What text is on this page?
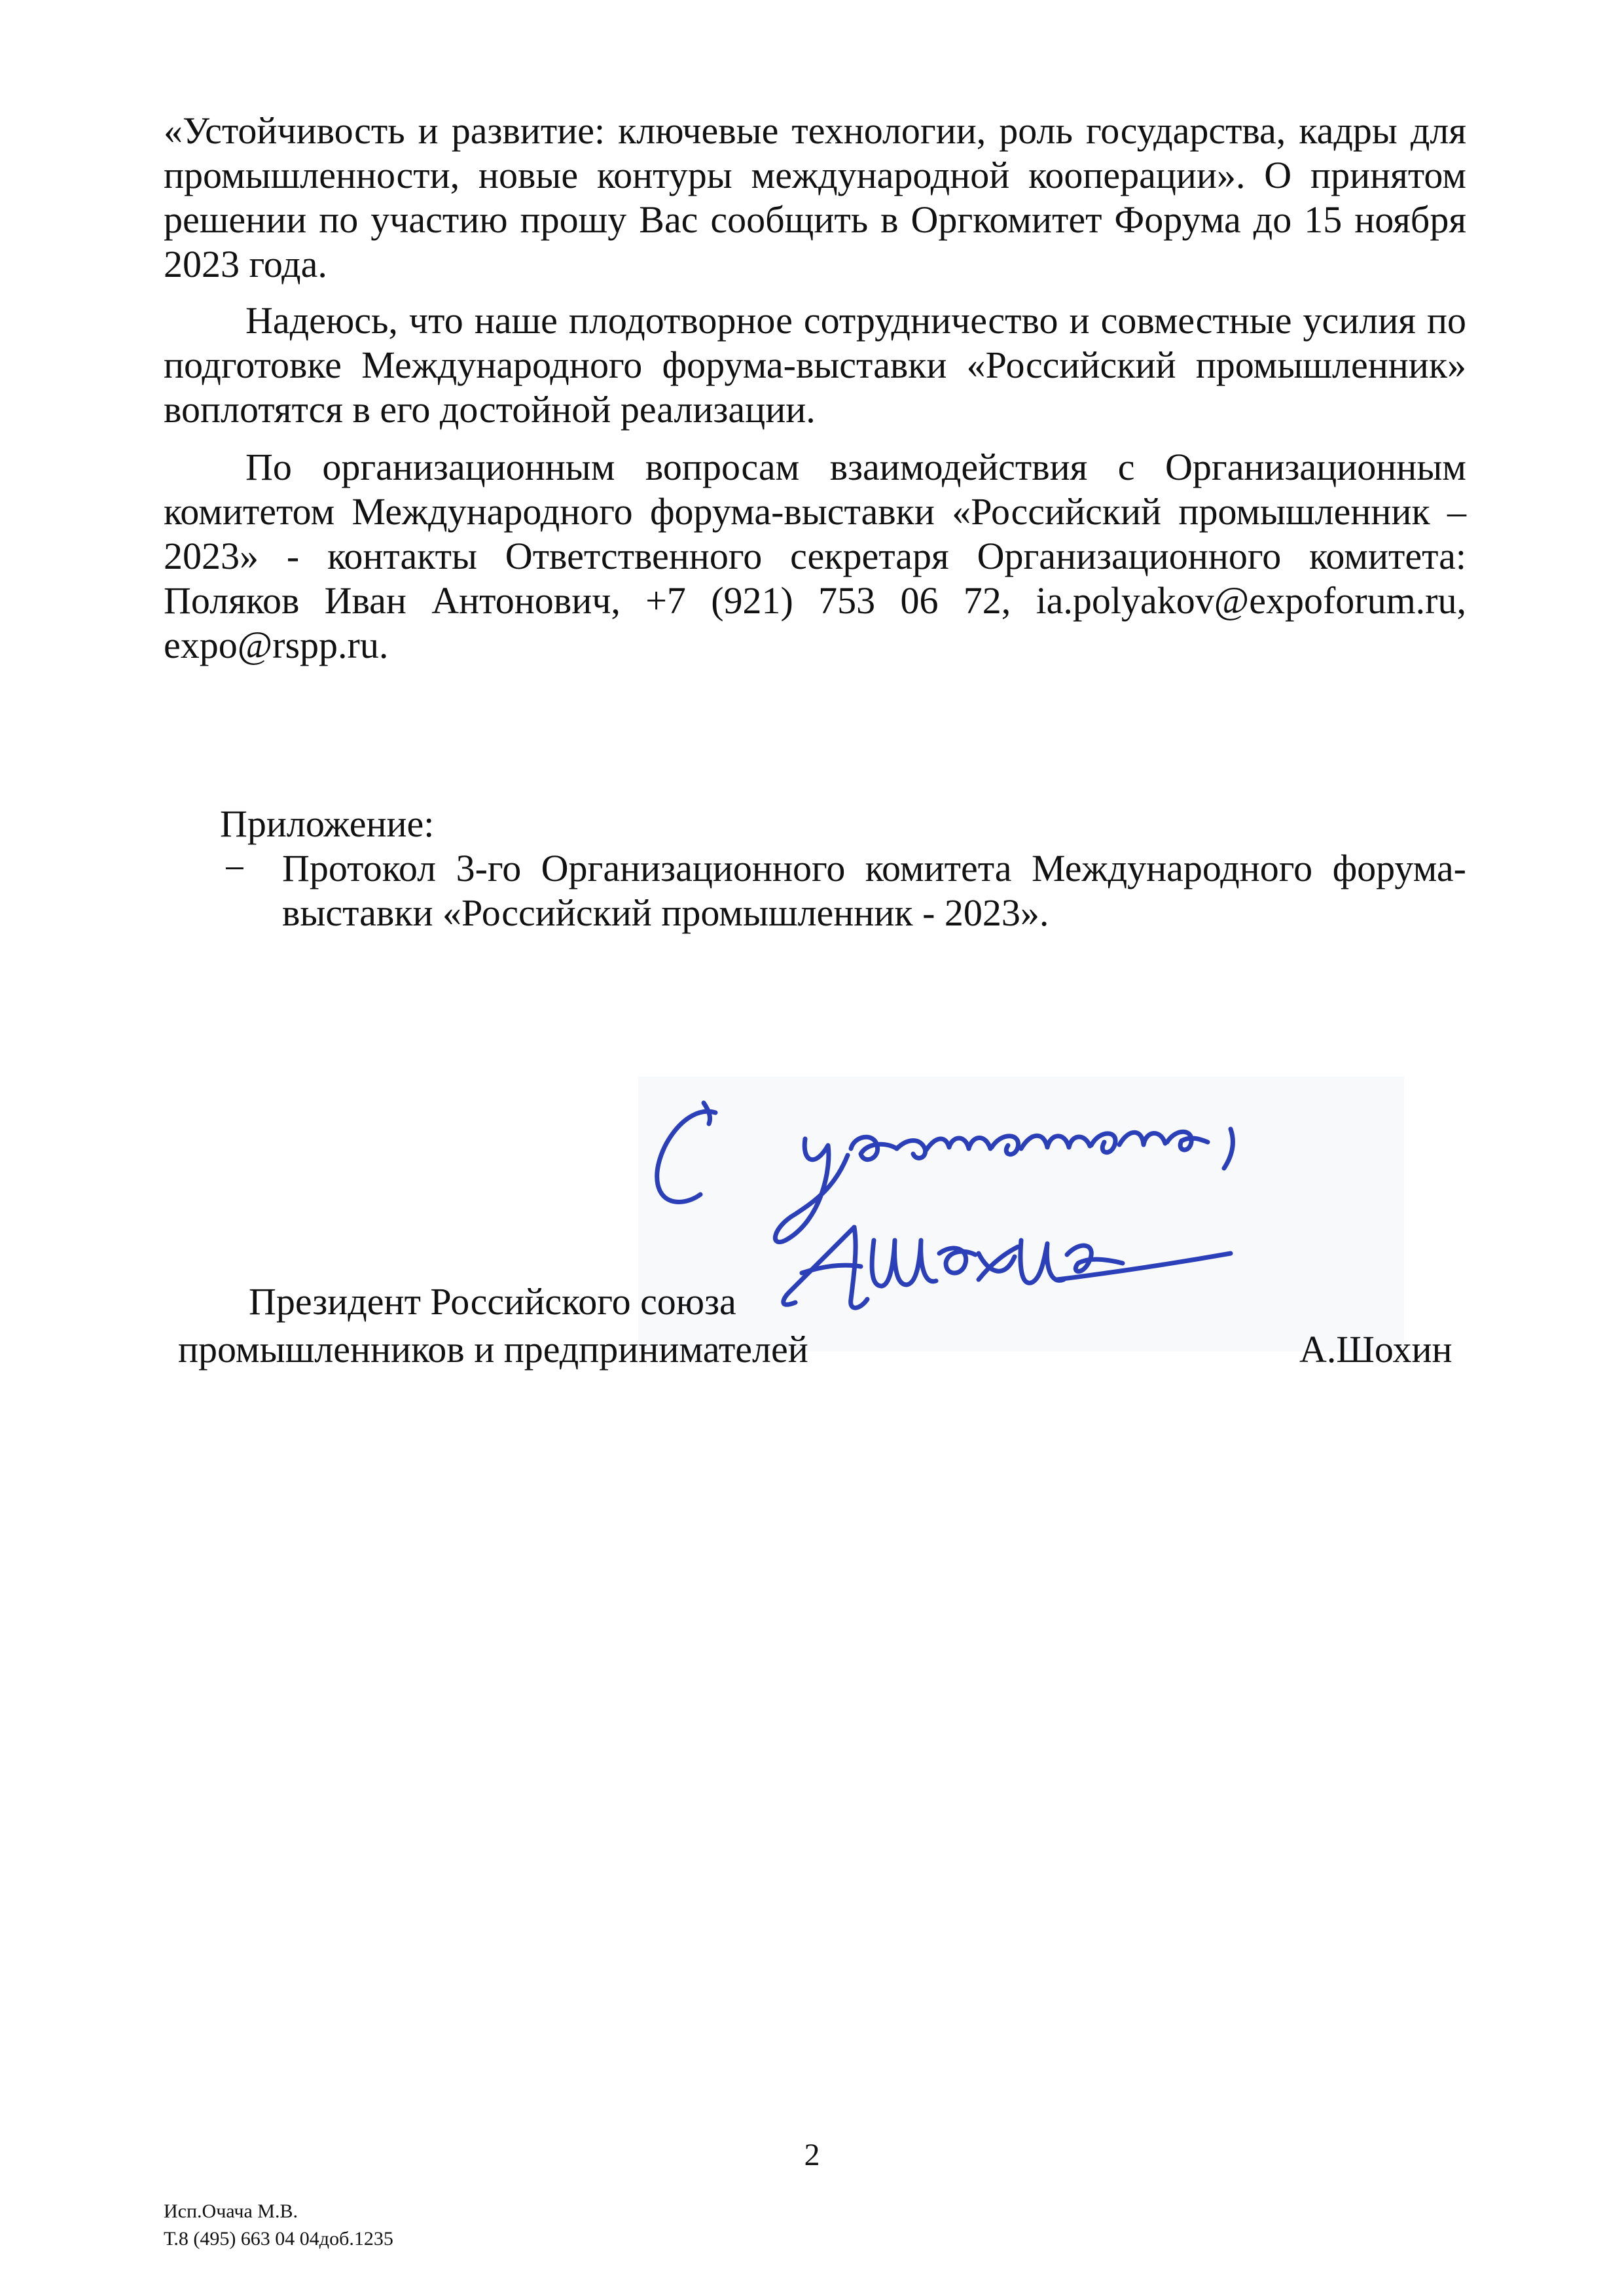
«Устойчивость и развитие: ключевые технологии, роль государства, кадры для промышленности, новые контуры международной кооперации». О принятом решении по участию прошу Вас сообщить в Оргкомитет Форума до 15 ноября 2023 года.

Надеюсь, что наше плодотворное сотрудничество и совместные усилия по подготовке Международного форума-выставки «Российский промышленник» воплотятся в его достойной реализации.

По организационным вопросам взаимодействия с Организационным комитетом Международного форума-выставки «Российский промышленник – 2023» - контакты Ответственного секретаря Организационного комитета: Поляков Иван Антонович, +7 (921) 753 06 72, ia.polyakov@expoforum.ru, expo@rspp.ru.

Приложение:

− Протокол 3-го Организационного комитета Международного форума-выставки «Российский промышленник - 2023».

Президент Российского союза

промышленников и предпринимателей	А.Шохин

2

Исп.Очача М.В.

Т.8 (495) 663 04 04доб.1235
